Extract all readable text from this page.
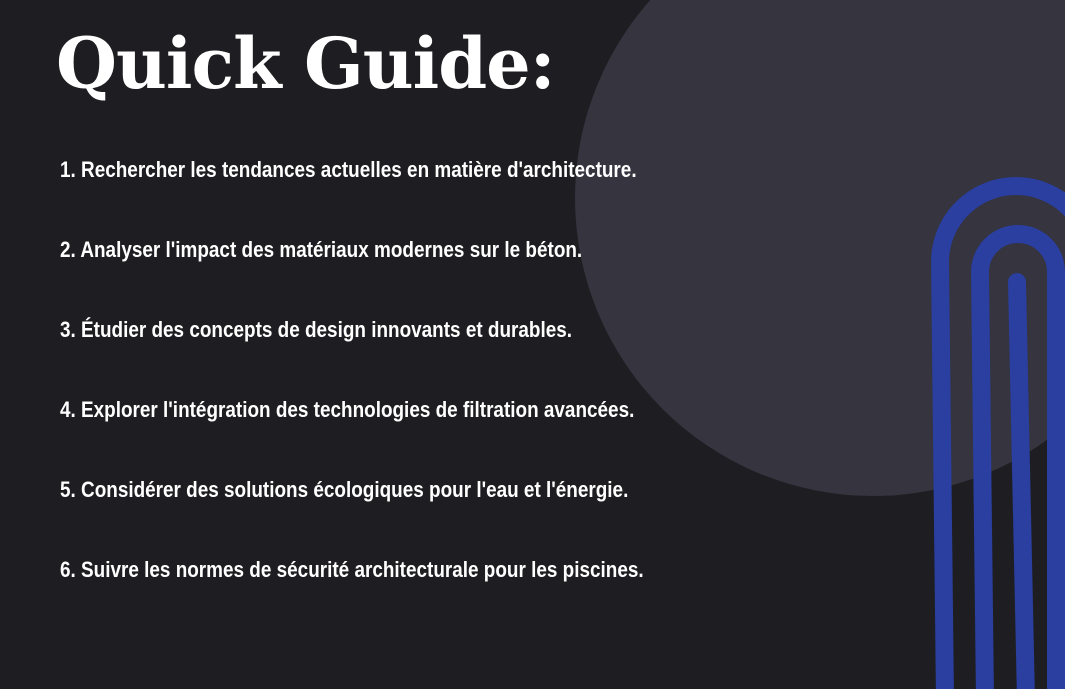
Quick Guide:
1. Rechercher les tendances actuelles en matière d'architecture.
2. Analyser l'impact des matériaux modernes sur le béton.
3. Étudier des concepts de design innovants et durables.
4. Explorer l'intégration des technologies de filtration avancées.
5. Considérer des solutions écologiques pour l'eau et l'énergie.
6. Suivre les normes de sécurité architecturale pour les piscines.
